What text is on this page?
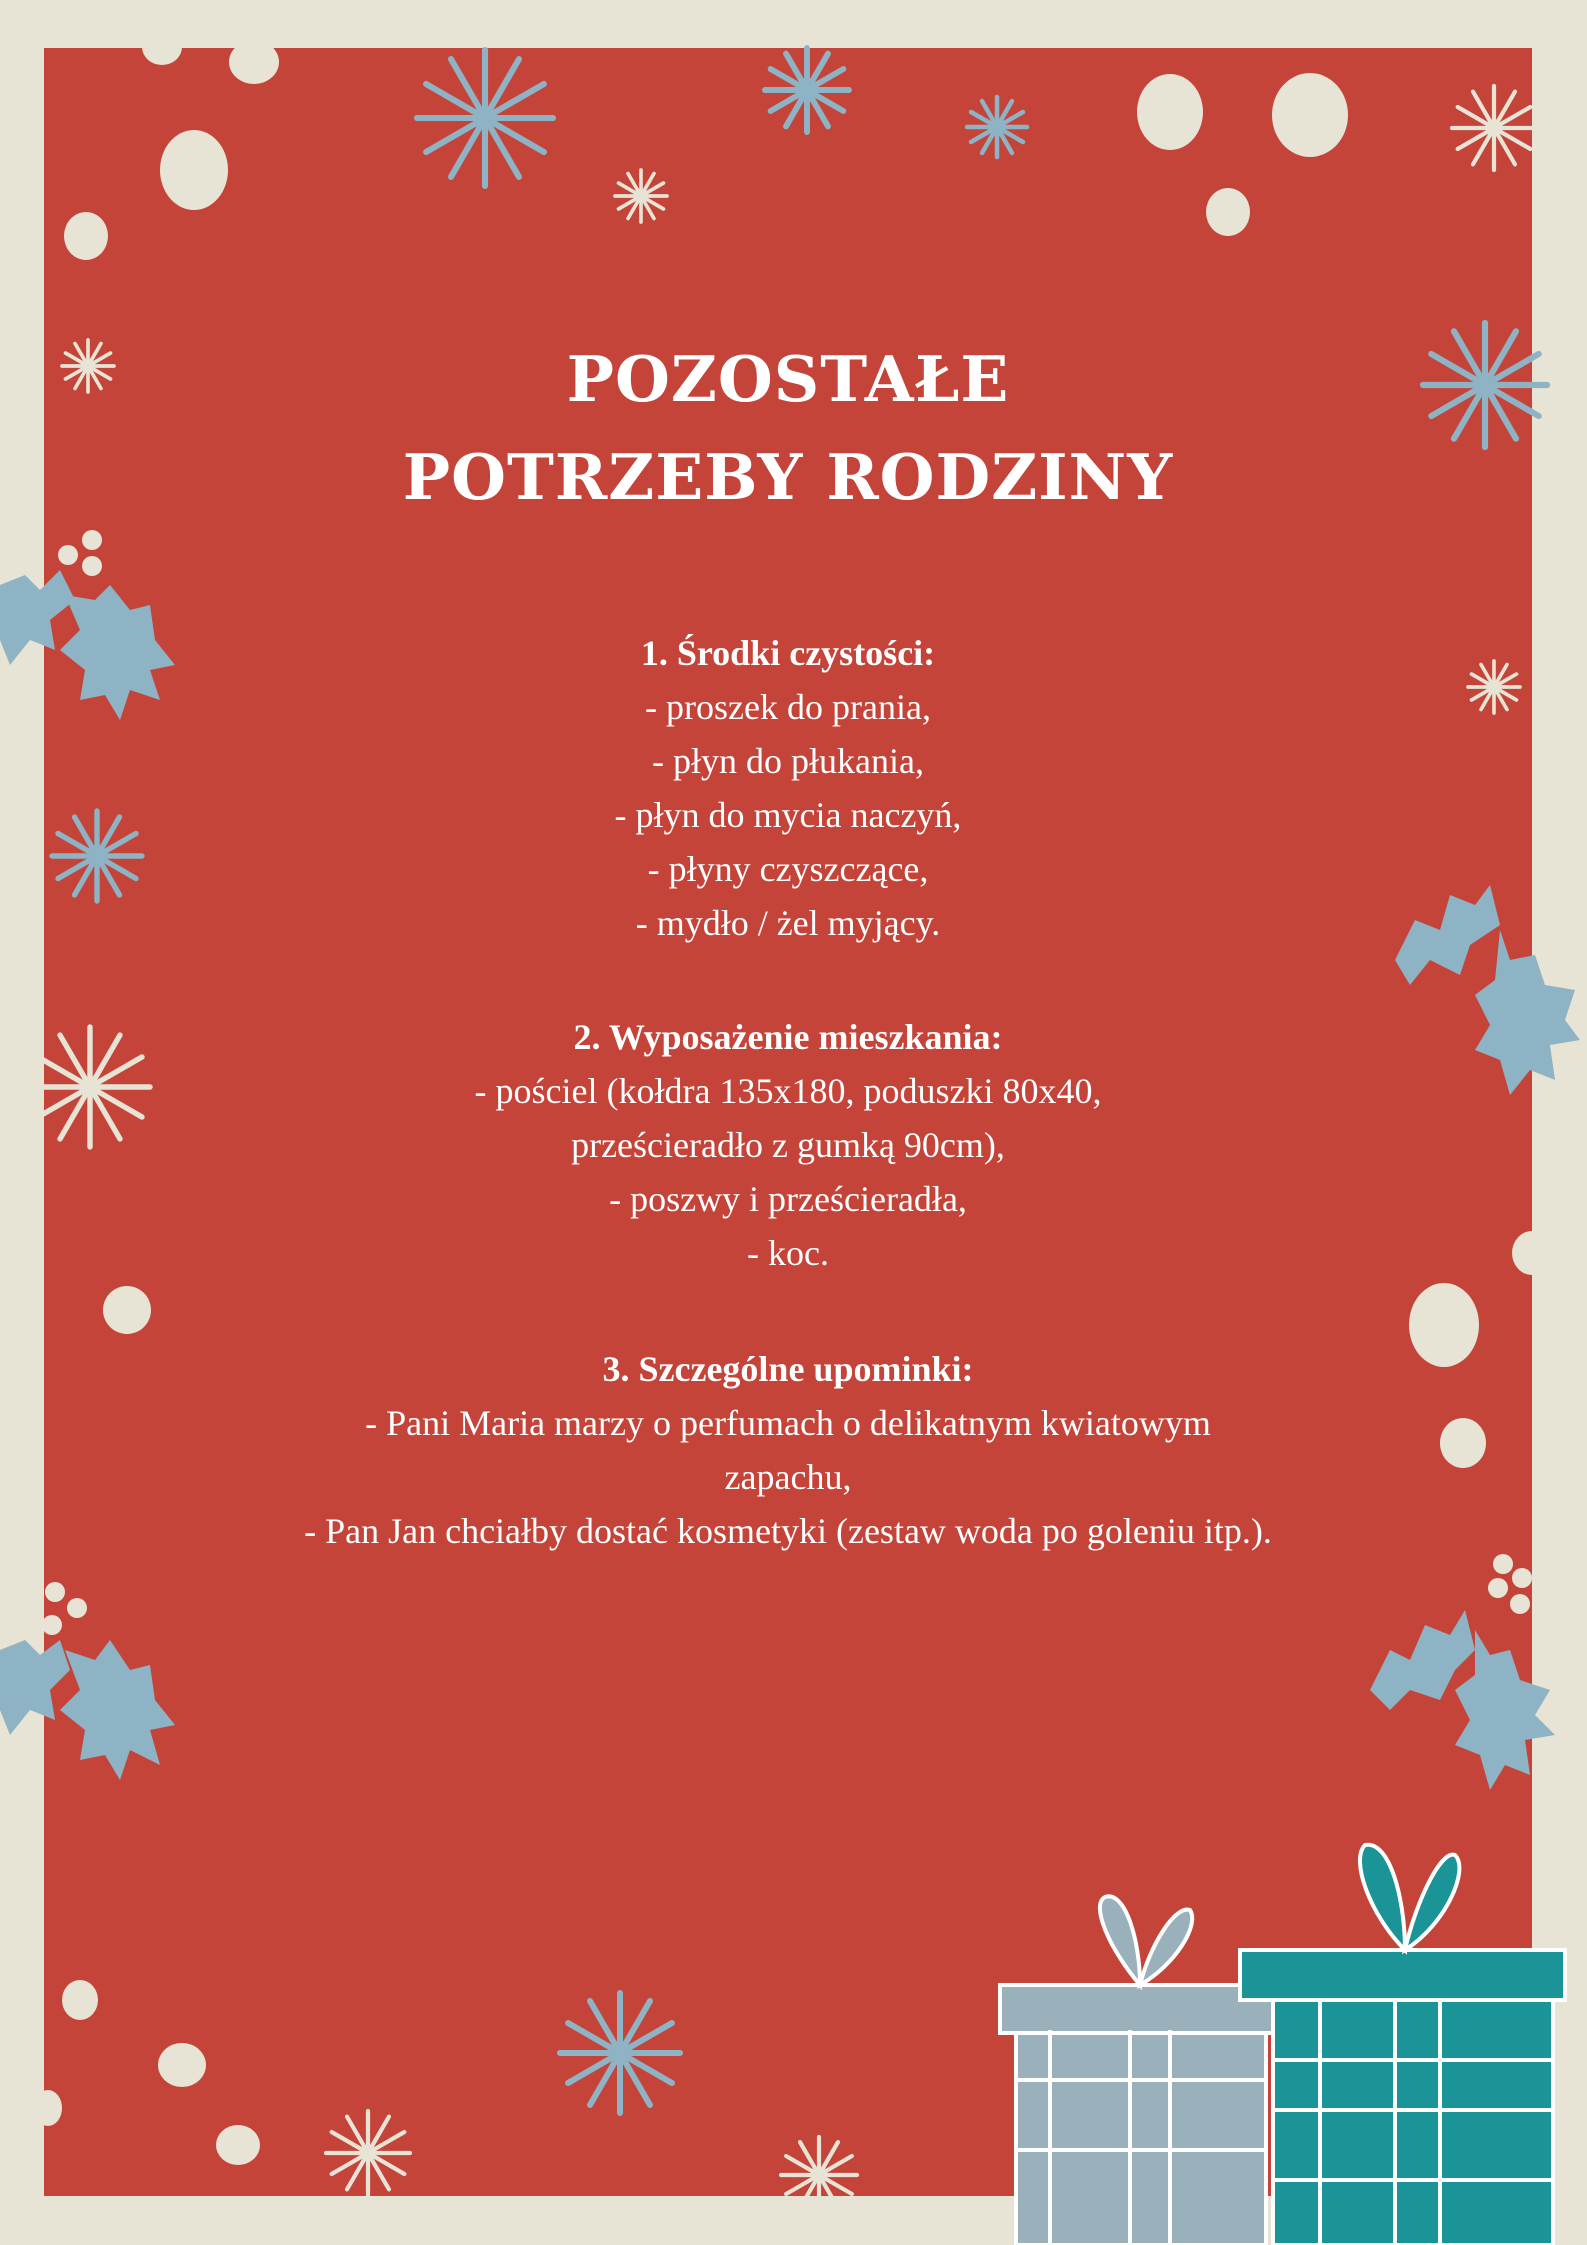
POZOSTAŁE
POTRZEBY RODZINY
1. Środki czystości:
- proszek do prania,
- płyn do płukania,
- płyn do mycia naczyń,
- płyny czyszczące,
- mydło / żel myjący.
2. Wyposażenie mieszkania:
- pościel (kołdra 135x180, poduszki 80x40,
prześcieradło z gumką 90cm),
- poszwy i prześcieradła,
- koc.
3. Szczególne upominki:
- Pani Maria marzy o perfumach o delikatnym kwiatowym
zapachu,
- Pan Jan chciałby dostać kosmetyki (zestaw woda po goleniu itp.).
